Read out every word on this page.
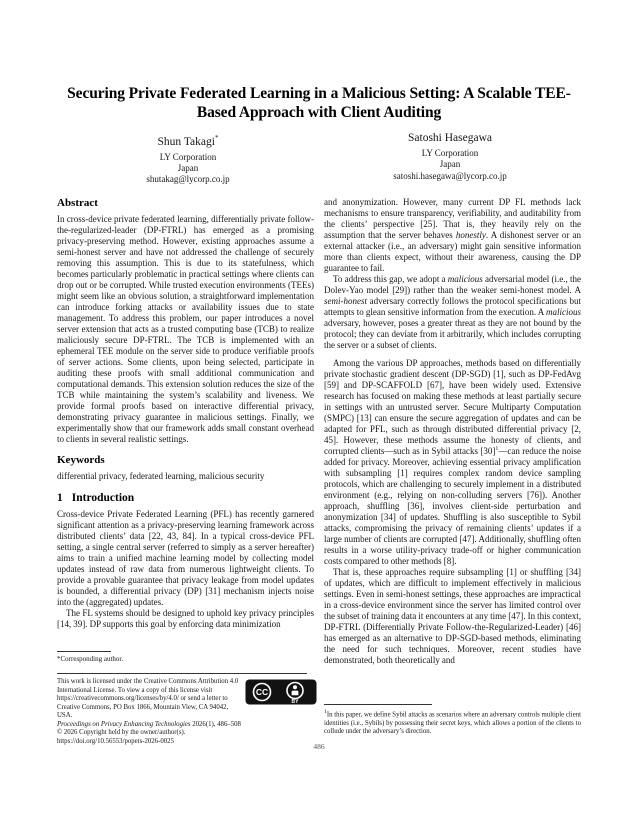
Securing Private Federated Learning in a Malicious Setting: A Scalable TEE-Based Approach with Client Auditing
Shun Takagi*
LY Corporation
Japan
shutakag@lycorp.co.jp
Satoshi Hasegawa
LY Corporation
Japan
satoshi.hasegawa@lycorp.co.jp
Abstract

In cross-device private federated learning, differentially private follow-the-regularized-leader (DP-FTRL) has emerged as a promising privacy-preserving method. However, existing approaches assume a semi-honest server and have not addressed the challenge of securely removing this assumption. This is due to its statefulness, which becomes particularly problematic in practical settings where clients can drop out or be corrupted. While trusted execution environments (TEEs) might seem like an obvious solution, a straightforward implementation can introduce forking attacks or availability issues due to state management. To address this problem, our paper introduces a novel server extension that acts as a trusted computing base (TCB) to realize maliciously secure DP-FTRL. The TCB is implemented with an ephemeral TEE module on the server side to produce verifiable proofs of server actions. Some clients, upon being selected, participate in auditing these proofs with small additional communication and computational demands. This extension solution reduces the size of the TCB while maintaining the system’s scalability and liveness. We provide formal proofs based on interactive differential privacy, demonstrating privacy guarantee in malicious settings. Finally, we experimentally show that our framework adds small constant overhead to clients in several realistic settings.

Keywords

differential privacy, federated learning, malicious security

1 Introduction

Cross-device Private Federated Learning (PFL) has recently garnered significant attention as a privacy-preserving learning framework across distributed clients’ data [22, 43, 84]. In a typical cross-device PFL setting, a single central server (referred to simply as a server hereafter) aims to train a unified machine learning model by collecting model updates instead of raw data from numerous lightweight clients. To provide a provable guarantee that privacy leakage from model updates is bounded, a differential privacy (DP) [31] mechanism injects noise into the (aggregated) updates.

The FL systems should be designed to uphold key privacy principles [14, 39]. DP supports this goal by enforcing data minimization

and anonymization. However, many current DP FL methods lack mechanisms to ensure transparency, verifiability, and auditability from the clients’ perspective [25]. That is, they heavily rely on the assumption that the server behaves honestly. A dishonest server or an external attacker (i.e., an adversary) might gain sensitive information more than clients expect, without their awareness, causing the DP guarantee to fail.

To address this gap, we adopt a malicious adversarial model (i.e., the Dolev-Yao model [29]) rather than the weaker semi-honest model. A semi-honest adversary correctly follows the protocol specifications but attempts to glean sensitive information from the execution. A malicious adversary, however, poses a greater threat as they are not bound by the protocol; they can deviate from it arbitrarily, which includes corrupting the server or a subset of clients.

Among the various DP approaches, methods based on differentially private stochastic gradient descent (DP-SGD) [1], such as DP-FedAvg [59] and DP-SCAFFOLD [67], have been widely used. Extensive research has focused on making these methods at least partially secure in settings with an untrusted server. Secure Multiparty Computation (SMPC) [13] can ensure the secure aggregation of updates and can be adapted for PFL, such as through distributed differential privacy [2, 45]. However, these methods assume the honesty of clients, and corrupted clients—such as in Sybil attacks $[30]^1—can$ reduce the noise added for privacy. Moreover, achieving essential privacy amplification with subsampling [1] requires complex random device sampling protocols, which are challenging to securely implement in a distributed environment (e.g., relying on non-colluding servers [76]). Another approach, shuffling [36], involves client-side perturbation and anonymization [34] of updates. Shuffling is also susceptible to Sybil attacks, compromising the privacy of remaining clients’ updates if a large number of clients are corrupted [47]. Additionally, shuffling often results in a worse utility-privacy trade-off or higher communication costs compared to other methods [8].

That is, these approaches require subsampling [1] or shuffling [34] of updates, which are difficult to implement effectively in malicious settings. Even in semi-honest settings, these approaches are impractical in a cross-device environment since the server has limited control over the subset of training data it encounters at any time [47]. In this context, DP-FTRL (Differentially Private Follow-the-Regularized-Leader) [46] has emerged as an alternative to DP-SGD-based methods, eliminating the need for such techniques. Moreover, recent studies have demonstrated, both theoretically and

*Corresponding author.

CC
BY
This work is licensed under the Creative Commons Attribution 4.0 International License. To view a copy of this license visit https://creativecommons.org/licenses/by/4.0/ or send a letter to Creative Commons, PO Box 1866, Mountain View, CA 94042, USA.
Proceedings on Privacy Enhancing Technologies 2026(1), 486–508
© 2026 Copyright held by the owner/author(s).
https://doi.org/10.56553/popets-2026-0025

$^1$In this paper, we define Sybil attacks as scenarios where an adversary controls multiple client identities (i.e., Sybils) by possessing their secret keys, which allows a portion of the clients to collude under the adversary’s direction.

486
